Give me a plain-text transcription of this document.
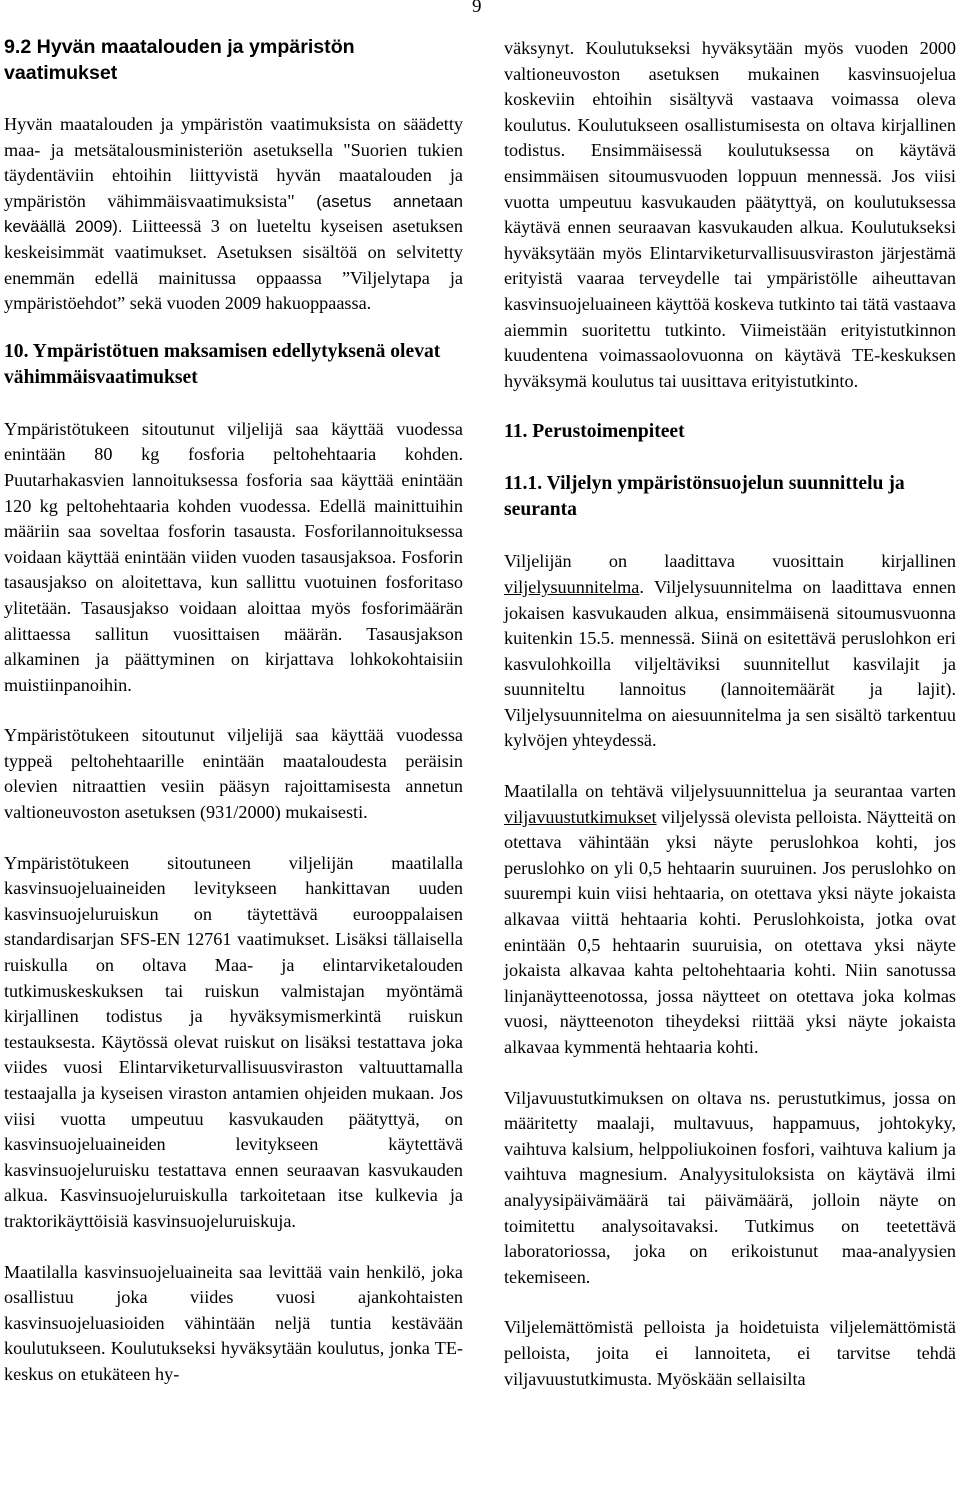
9
9.2 Hyvän maatalouden ja ympäristön vaatimukset

Hyvän maatalouden ja ympäristön vaatimuksista on säädetty maa- ja metsätalousministeriön asetuksella "Suorien tukien täydentäviin ehtoihin liittyvistä hyvän maatalouden ja ympäristön vähimmäisvaatimuksista" (asetus annetaan keväällä 2009). Liitteessä 3 on lueteltu kyseisen asetuksen keskeisimmät vaatimukset. Asetuksen sisältöä on selvitetty enemmän edellä mainitussa oppaassa ”Viljelytapa ja ympäristöehdot” sekä vuoden 2009 hakuoppaassa.

10. Ympäristötuen maksamisen edellytyksenä olevat vähimmäisvaatimukset

Ympäristötukeen sitoutunut viljelijä saa käyttää vuodessa enintään 80 kg fosforia peltohehtaaria kohden. Puutarhakasvien lannoituksessa fosforia saa käyttää enintään 120 kg peltohehtaaria kohden vuodessa. Edellä mainittuihin määriin saa soveltaa fosforin tasausta. Fosforilannoituksessa voidaan käyttää enintään viiden vuoden tasausjaksoa. Fosforin tasausjakso on aloitettava, kun sallittu vuotuinen fosforitaso ylitetään. Tasausjakso voidaan aloittaa myös fosforimäärän alittaessa sallitun vuosittaisen määrän. Tasausjakson alkaminen ja päättyminen on kirjattava lohkokohtaisiin muistiinpanoihin.

Ympäristötukeen sitoutunut viljelijä saa käyttää vuodessa typpeä peltohehtaarille enintään maataloudesta peräisin olevien nitraattien vesiin pääsyn rajoittamisesta annetun valtioneuvoston asetuksen (931/2000) mukaisesti.

Ympäristötukeen sitoutuneen viljelijän maatilalla kasvinsuojeluaineiden levitykseen hankittavan uuden kasvinsuojeluruiskun on täytettävä eurooppalaisen standardisarjan SFS-EN 12761 vaatimukset. Lisäksi tällaisella ruiskulla on oltava Maa- ja elintarviketalouden tutkimuskeskuksen tai ruiskun valmistajan myöntämä kirjallinen todistus ja hyväksymismerkintä ruiskun testauksesta. Käytössä olevat ruiskut on lisäksi testattava joka viides vuosi Elintarviketurvallisuusviraston valtuuttamalla testaajalla ja kyseisen viraston antamien ohjeiden mukaan. Jos viisi vuotta umpeutuu kasvukauden päätyttyä, on kasvinsuojeluaineiden levitykseen käytettävä kasvinsuojeluruisku testattava ennen seuraavan kasvukauden alkua. Kasvinsuojeluruiskulla tarkoitetaan itse kulkevia ja traktorikäyttöisiä kasvinsuojeluruiskuja.

Maatilalla kasvinsuojeluaineita saa levittää vain henkilö, joka osallistuu joka viides vuosi ajankohtaisten kasvinsuojeluasioiden vähintään neljä tuntia kestävään koulutukseen. Koulutukseksi hyväksytään koulutus, jonka TE-keskus on etukäteen hy-

väksynyt. Koulutukseksi hyväksytään myös vuoden 2000 valtioneuvoston asetuksen mukainen kasvinsuojelua koskeviin ehtoihin sisältyvä vastaava voimassa oleva koulutus. Koulutukseen osallistumisesta on oltava kirjallinen todistus. Ensimmäisessä koulutuksessa on käytävä ensimmäisen sitoumusvuoden loppuun mennessä. Jos viisi vuotta umpeutuu kasvukauden päätyttyä, on koulutuksessa käytävä ennen seuraavan kasvukauden alkua. Koulutukseksi hyväksytään myös Elintarviketurvallisuusviraston järjestämä erityistä vaaraa terveydelle tai ympäristölle aiheuttavan kasvinsuojeluaineen käyttöä koskeva tutkinto tai tätä vastaava aiemmin suoritettu tutkinto. Viimeistään erityistutkinnon kuudentena voimassaolovuonna on käytävä TE-keskuksen hyväksymä koulutus tai uusittava erityistutkinto.

11. Perustoimenpiteet
11.1. Viljelyn ympäristönsuojelun suunnittelu ja seuranta

Viljelijän on laadittava vuosittain kirjallinen viljelysuunnitelma. Viljelysuunnitelma on laadittava ennen jokaisen kasvukauden alkua, ensimmäisenä sitoumusvuonna kuitenkin 15.5. mennessä. Siinä on esitettävä peruslohkon eri kasvulohkoilla viljeltäviksi suunnitellut kasvilajit ja suunniteltu lannoitus (lannoitemäärät ja lajit). Viljelysuunnitelma on aiesuunnitelma ja sen sisältö tarkentuu kylvöjen yhteydessä.

Maatilalla on tehtävä viljelysuunnittelua ja seurantaa varten viljavuustutkimukset viljelyssä olevista pelloista. Näytteitä on otettava vähintään yksi näyte peruslohkoa kohti, jos peruslohko on yli 0,5 hehtaarin suuruinen. Jos peruslohko on suurempi kuin viisi hehtaaria, on otettava yksi näyte jokaista alkavaa viittä hehtaaria kohti. Peruslohkoista, jotka ovat enintään 0,5 hehtaarin suuruisia, on otettava yksi näyte jokaista alkavaa kahta peltohehtaaria kohti. Niin sanotussa linjanäytteenotossa, jossa näytteet on otettava joka kolmas vuosi, näytteenoton tiheydeksi riittää yksi näyte jokaista alkavaa kymmentä hehtaaria kohti.

Viljavuustutkimuksen on oltava ns. perustutkimus, jossa on määritetty maalaji, multavuus, happamuus, johtokyky, vaihtuva kalsium, helppoliukoinen fosfori, vaihtuva kalium ja vaihtuva magnesium. Analyysituloksista on käytävä ilmi analyysipäivämäärä tai päivämäärä, jolloin näyte on toimitettu analysoitavaksi. Tutkimus on teetettävä laboratoriossa, joka on erikoistunut maa-analyysien tekemiseen.

Viljelemättömistä pelloista ja hoidetuista viljelemättömistä pelloista, joita ei lannoiteta, ei tarvitse tehdä viljavuustutkimusta. Myöskään sellaisilta
